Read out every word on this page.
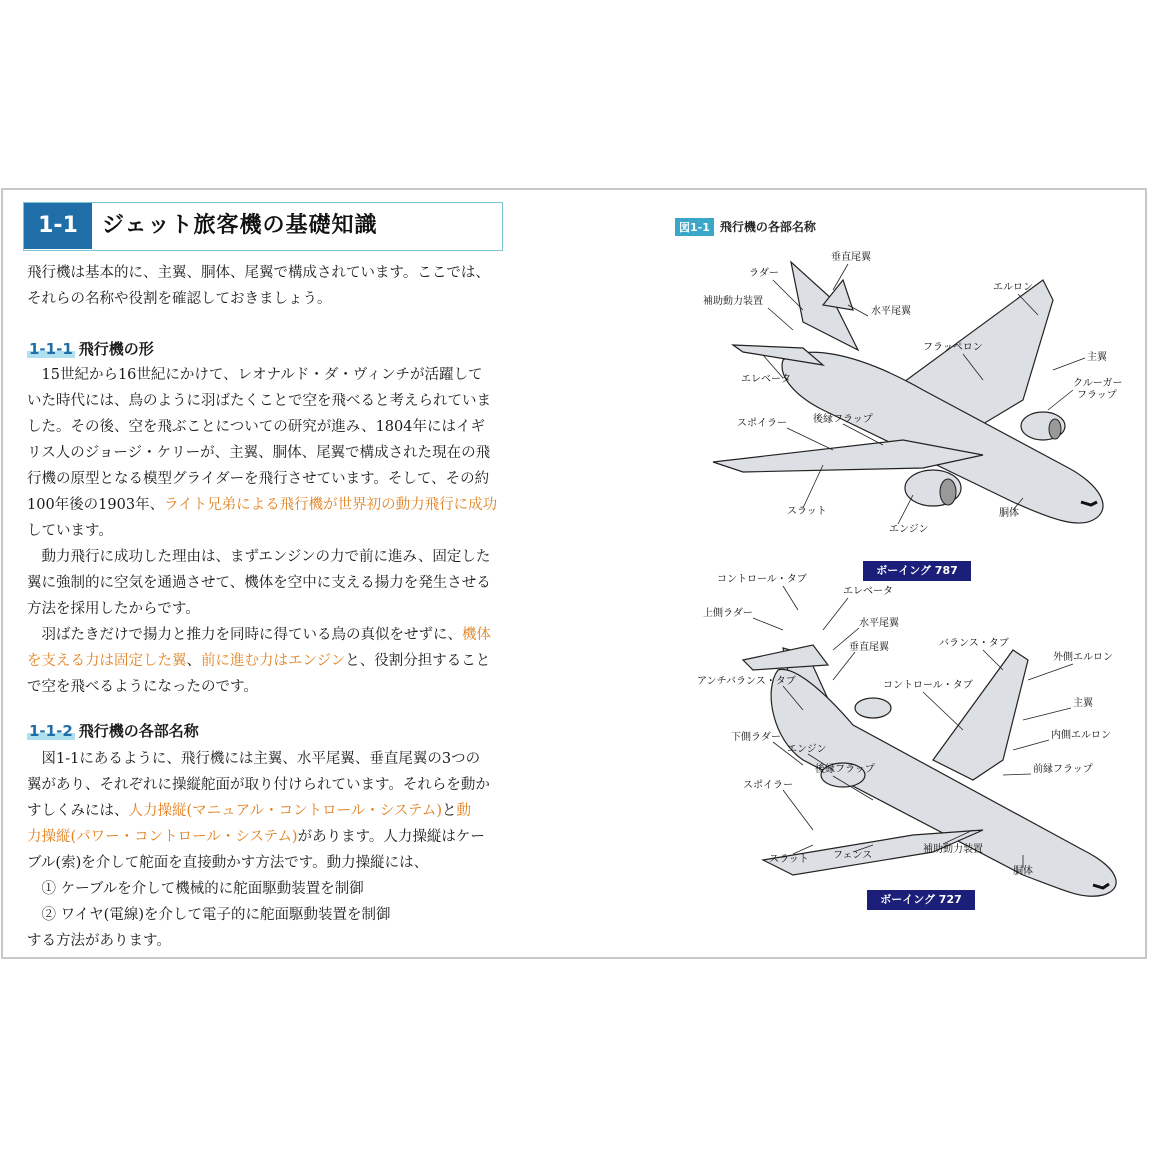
1-1	ジェット旅客機の基礎知識

飛行機は基本的に、主翼、胴体、尾翼で構成されています。ここでは、
それらの名称や役割を確認しておきましょう。

1-1-1 飛行機の形

　15世紀から16世紀にかけて、レオナルド・ダ・ヴィンチが活躍して
いた時代には、鳥のように羽ばたくことで空を飛べると考えられていま
した。その後、空を飛ぶことについての研究が進み、1804年にはイギ
リス人のジョージ・ケリーが、主翼、胴体、尾翼で構成された現在の飛
行機の原型となる模型グライダーを飛行させています。そして、その約
100年後の1903年、ライト兄弟による飛行機が世界初の動力飛行に成功
しています。
　動力飛行に成功した理由は、まずエンジンの力で前に進み、固定した
翼に強制的に空気を通過させて、機体を空中に支える揚力を発生させる
方法を採用したからです。
　羽ばたきだけで揚力と推力を同時に得ている鳥の真似をせずに、機体
を支える力は固定した翼、前に進む力はエンジンと、役割分担すること
で空を飛べるようになったのです。

1-1-2 飛行機の各部名称

　図1-1にあるように、飛行機には主翼、水平尾翼、垂直尾翼の3つの
翼があり、それぞれに操縦舵面が取り付けられています。それらを動か
すしくみには、人力操縦(マニュアル・コントロール・システム)と動
力操縦(パワー・コントロール・システム)があります。人力操縦はケー
ブル(索)を介して舵面を直接動かす方法です。動力操縦には、
　① ケーブルを介して機械的に舵面駆動装置を制御
　② ワイヤ(電線)を介して電子的に舵面駆動装置を制御
する方法があります。

図1-1 飛行機の各部名称
垂直尾翼
ラダー
補助動力装置
水平尾翼
エルロン
フラッペロン
主翼
エレベータ	クルーガー
フラップ
スポイラー	後縁フラップ
スラット
エンジン
胴体
コントロール・タブ
エレベータ
上側ラダー
水平尾翼
垂直尾翼	バランス・タブ
外側エルロン
アンチバランス・タブ	コントロール・タブ
主翼
下側ラダー	内側エルロン
エンジン
前縁フラップ
後縁フラップ
スポイラー
スラット フェンス
補助動力装置
胴体
ボーイング 787
ボーイング 727
